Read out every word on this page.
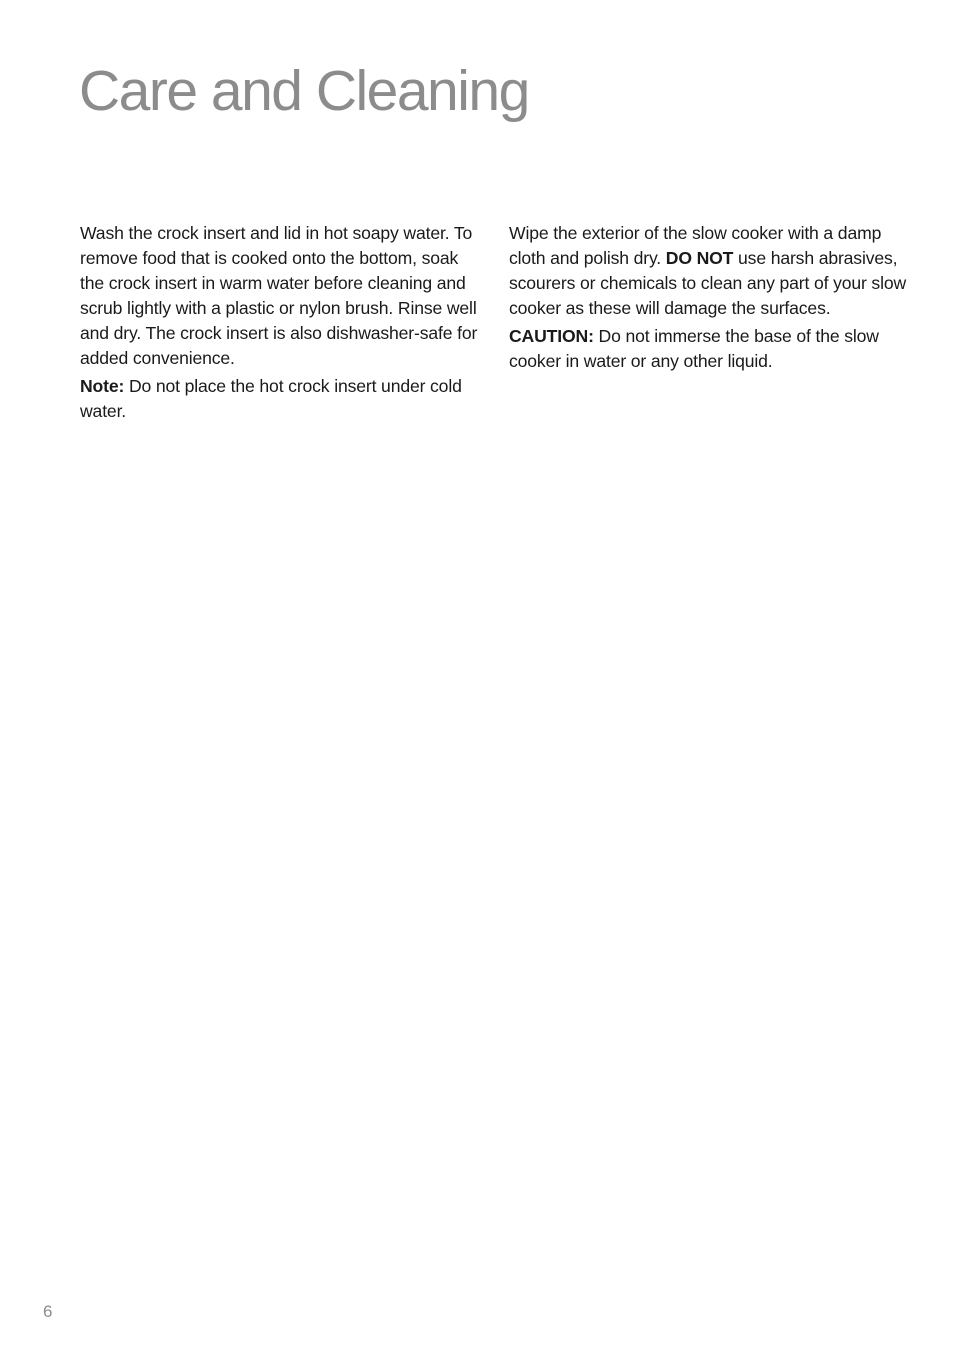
Care and Cleaning

Wash the crock insert and lid in hot soapy water. To remove food that is cooked onto the bottom, soak the crock insert in warm water before cleaning and scrub lightly with a plastic or nylon brush. Rinse well and dry. The crock insert is also dishwasher-safe for added convenience.

Note: Do not place the hot crock insert under cold water.

Wipe the exterior of the slow cooker with a damp cloth and polish dry. DO NOT use harsh abrasives, scourers or chemicals to clean any part of your slow cooker as these will damage the surfaces.

CAUTION: Do not immerse the base of the slow cooker in water or any other liquid.

6
